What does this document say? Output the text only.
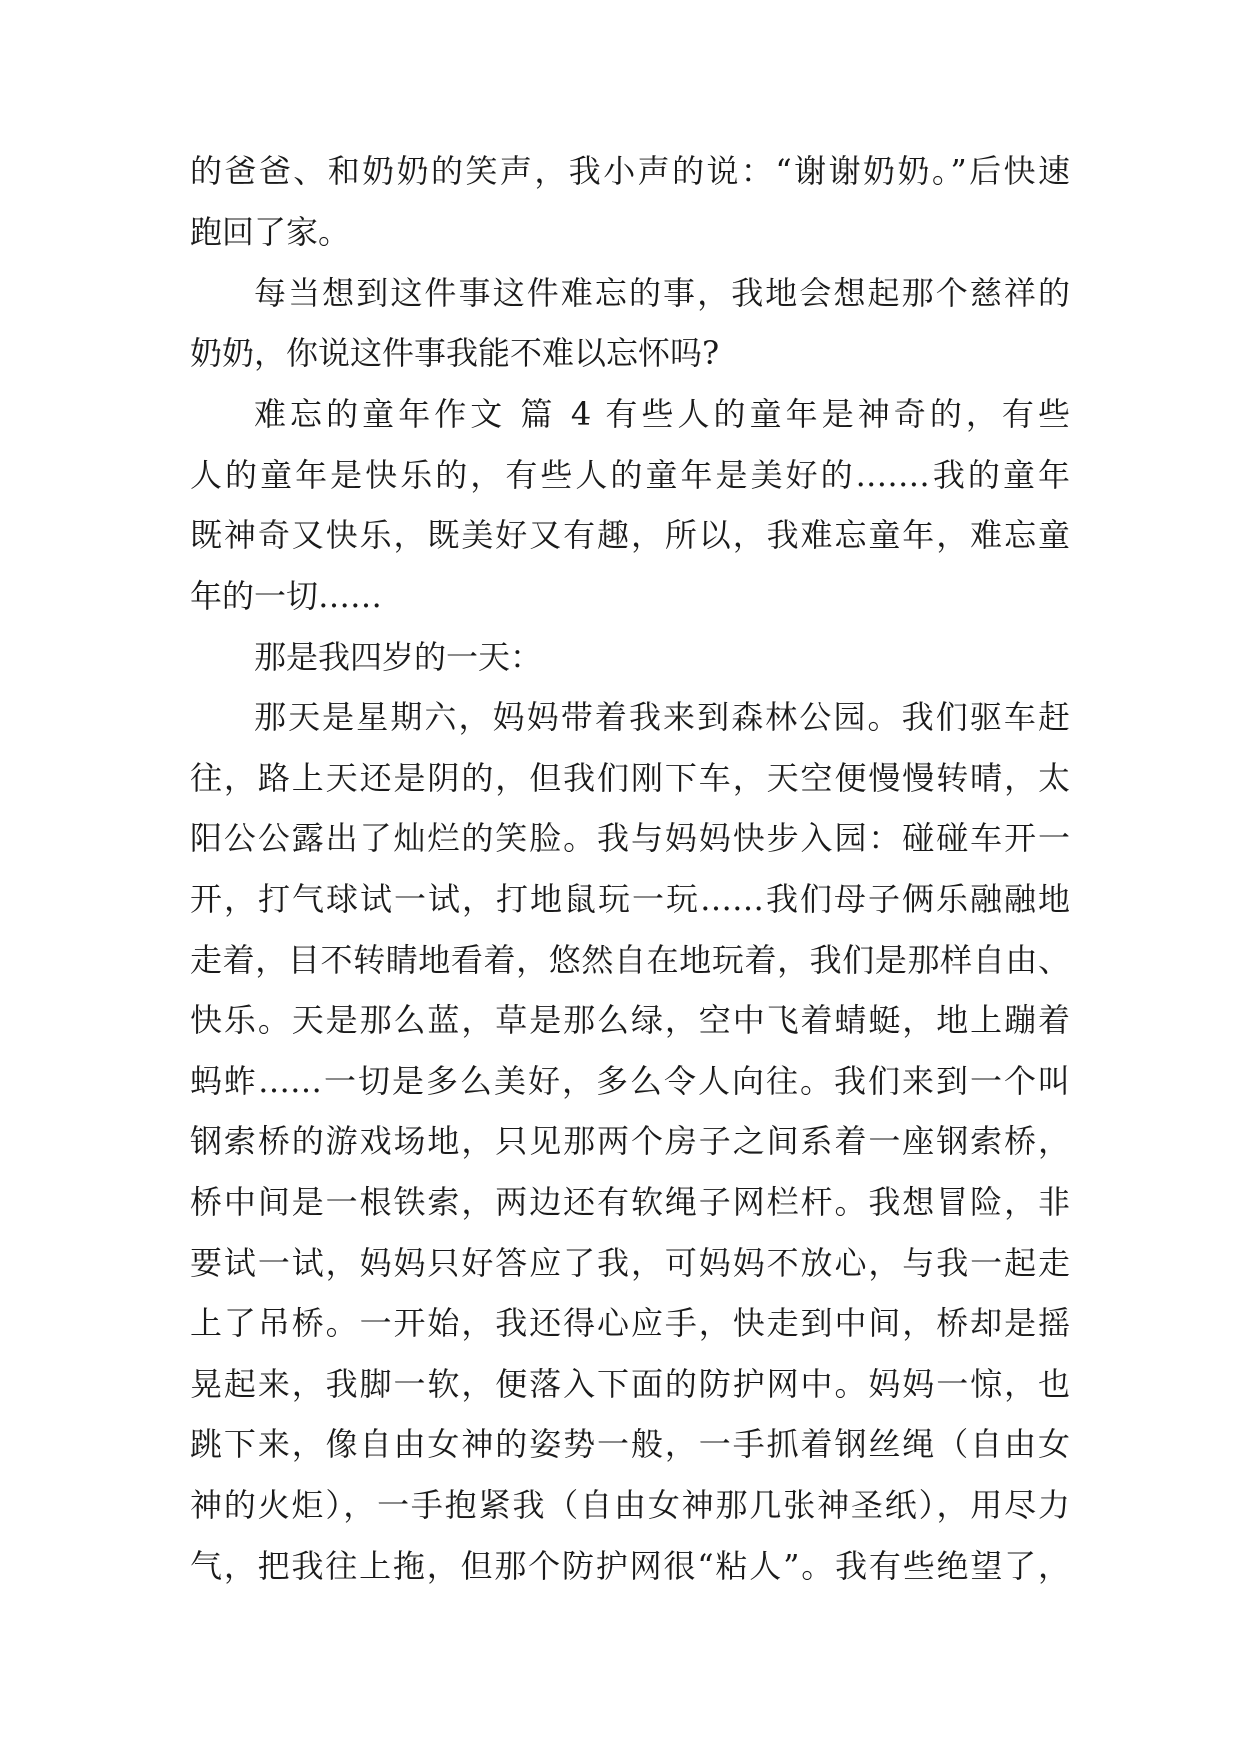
的爸爸、和奶奶的笑声，我小声的说：“谢谢奶奶。”后快速
跑回了家。
每当想到这件事这件难忘的事，我地会想起那个慈祥的
奶奶，你说这件事我能不难以忘怀吗?
难忘的童年作文 篇 4 有些人的童年是神奇的，有些
人的童年是快乐的，有些人的童年是美好的.……我的童年
既神奇又快乐，既美好又有趣，所以，我难忘童年，难忘童
年的一切……
那是我四岁的一天：
那天是星期六，妈妈带着我来到森林公园。我们驱车赶
往，路上天还是阴的，但我们刚下车，天空便慢慢转晴，太
阳公公露出了灿烂的笑脸。我与妈妈快步入园：碰碰车开一
开，打气球试一试，打地鼠玩一玩……我们母子俩乐融融地
走着，目不转睛地看着，悠然自在地玩着，我们是那样自由、
快乐。天是那么蓝，草是那么绿，空中飞着蜻蜓，地上蹦着
蚂蚱……一切是多么美好，多么令人向往。我们来到一个叫
钢索桥的游戏场地，只见那两个房子之间系着一座钢索桥，
桥中间是一根铁索，两边还有软绳子网栏杆。我想冒险，非
要试一试，妈妈只好答应了我，可妈妈不放心，与我一起走
上了吊桥。一开始，我还得心应手，快走到中间，桥却是摇
晃起来，我脚一软，便落入下面的防护网中。妈妈一惊，也
跳下来，像自由女神的姿势一般，一手抓着钢丝绳（自由女
神的火炬），一手抱紧我（自由女神那几张神圣纸），用尽力
气，把我往上拖，但那个防护网很“粘人”。我有些绝望了，
